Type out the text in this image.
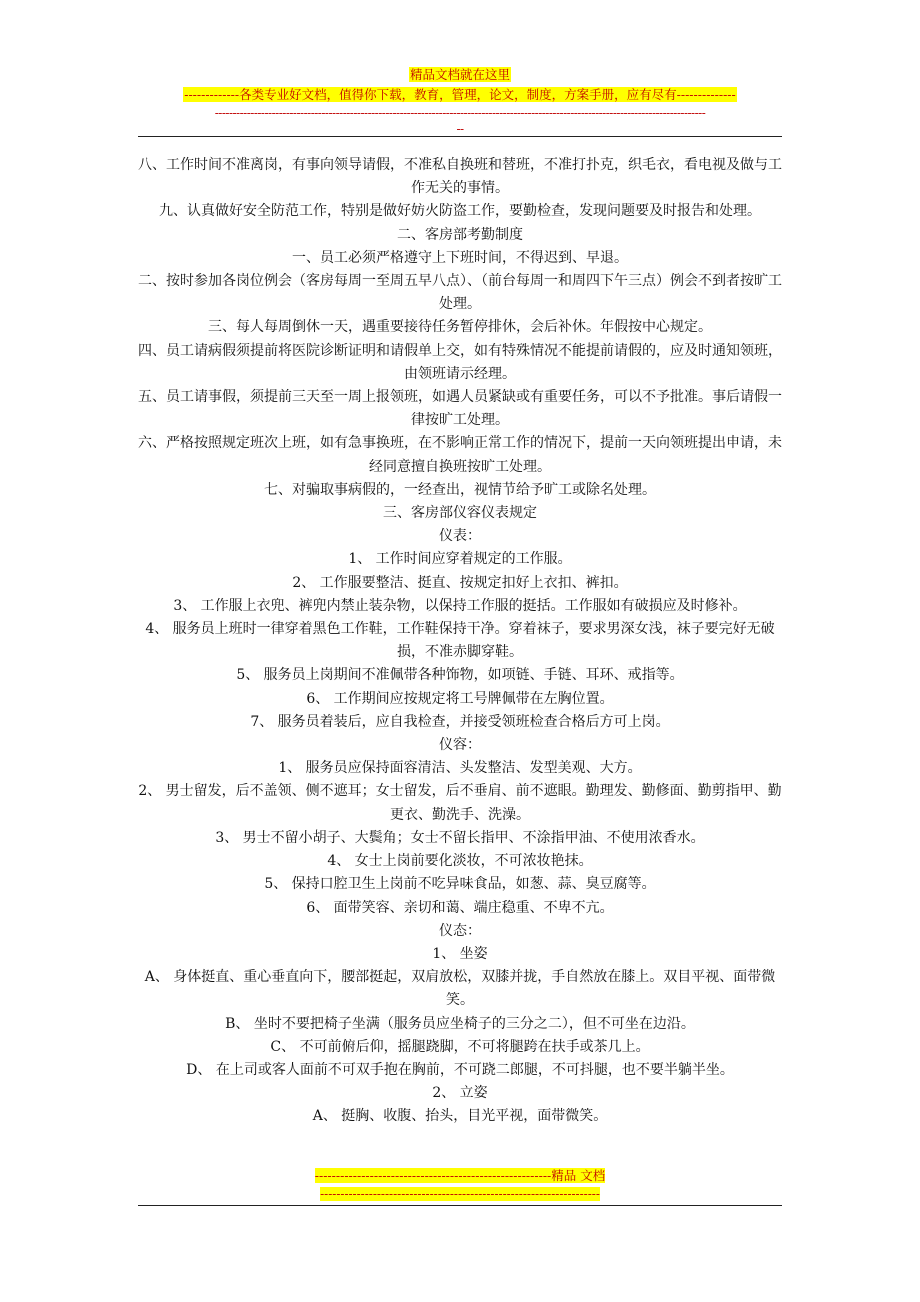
精品文档就在这里
-------------各类专业好文档，值得你下载，教育，管理，论文，制度，方案手册，应有尽有--------------
------------------------------------------------------------------------------------------------------------------------------------------
--

八、工作时间不准离岗，有事向领导请假，不准私自换班和替班，不准打扑克，织毛衣，看电视及做与工作无关的事情。

九、认真做好安全防范工作，特别是做好妨火防盗工作，要勤检查，发现问题要及时报告和处理。

二、客房部考勤制度

一、员工必须严格遵守上下班时间，不得迟到、早退。

二、按时参加各岗位例会（客房每周一至周五早八点）、（前台每周一和周四下午三点）例会不到者按旷工处理。

三、每人每周倒休一天，遇重要接待任务暂停排休，会后补休。年假按中心规定。

四、员工请病假须提前将医院诊断证明和请假单上交，如有特殊情况不能提前请假的，应及时通知领班，由领班请示经理。

五、员工请事假，须提前三天至一周上报领班，如遇人员紧缺或有重要任务，可以不予批准。事后请假一律按旷工处理。

六、严格按照规定班次上班，如有急事换班，在不影响正常工作的情况下，提前一天向领班提出申请，未经同意擅自换班按旷工处理。

七、对骗取事病假的，一经查出，视情节给予旷工或除名处理。

三、客房部仪容仪表规定

仪表：

1、 工作时间应穿着规定的工作服。

2、 工作服要整洁、挺直、按规定扣好上衣扣、裤扣。

3、 工作服上衣兜、裤兜内禁止装杂物，以保持工作服的挺括。工作服如有破损应及时修补。

4、 服务员上班时一律穿着黑色工作鞋，工作鞋保持干净。穿着袜子，要求男深女浅，袜子要完好无破损，不准赤脚穿鞋。

5、 服务员上岗期间不准佩带各种饰物，如项链、手链、耳环、戒指等。

6、 工作期间应按规定将工号牌佩带在左胸位置。

7、 服务员着装后，应自我检查，并接受领班检查合格后方可上岗。

仪容：

1、 服务员应保持面容清洁、头发整洁、发型美观、大方。

2、 男士留发，后不盖领、侧不遮耳；女士留发，后不垂肩、前不遮眼。勤理发、勤修面、勤剪指甲、勤更衣、勤洗手、洗澡。

3、 男士不留小胡子、大鬓角；女士不留长指甲、不涂指甲油、不使用浓香水。

4、 女士上岗前要化淡妆，不可浓妆艳抹。

5、 保持口腔卫生上岗前不吃异味食品，如葱、蒜、臭豆腐等。

6、 面带笑容、亲切和蔼、端庄稳重、不卑不亢。

仪态：

1、 坐姿

A、 身体挺直、重心垂直向下，腰部挺起，双肩放松，双膝并拢，手自然放在膝上。双目平视、面带微笑。

B、 坐时不要把椅子坐满（服务员应坐椅子的三分之二），但不可坐在边沿。

C、 不可前俯后仰，摇腿跷脚，不可将腿跨在扶手或茶几上。

D、 在上司或客人面前不可双手抱在胸前，不可跷二郎腿，不可抖腿，也不要半躺半坐。

2、 立姿

A、 挺胸、收腹、抬头，目光平视，面带微笑。

--------------------------------------------------------精品 文档
---------------------------------------------------------------------
